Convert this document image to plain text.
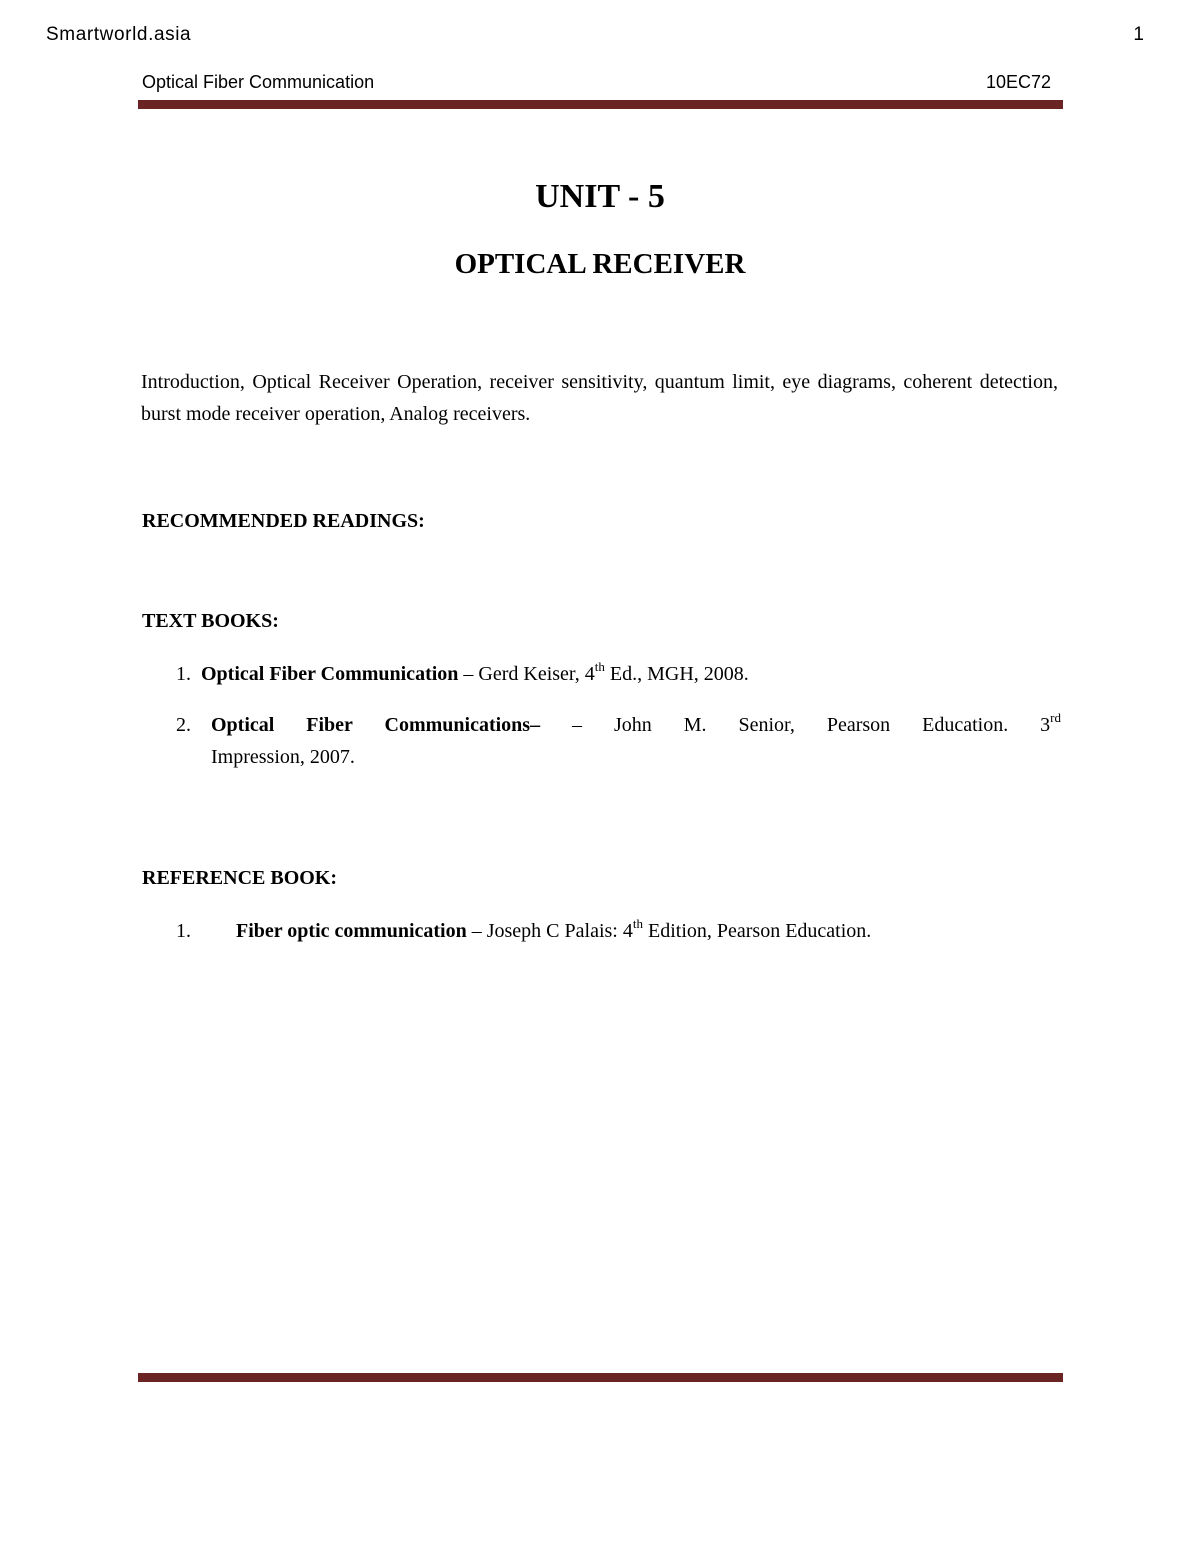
Smartworld.asia	1
Optical Fiber Communication	10EC72
UNIT - 5
OPTICAL RECEIVER
Introduction, Optical Receiver Operation, receiver sensitivity, quantum limit, eye diagrams, coherent detection, burst mode receiver operation, Analog receivers.
RECOMMENDED READINGS:
TEXT BOOKS:
1. Optical Fiber Communication – Gerd Keiser, 4th Ed., MGH, 2008.
2. Optical Fiber Communications– – John M. Senior, Pearson Education. 3rd
Impression, 2007.
REFERENCE BOOK:
1. Fiber optic communication – Joseph C Palais: 4th Edition, Pearson Education.
